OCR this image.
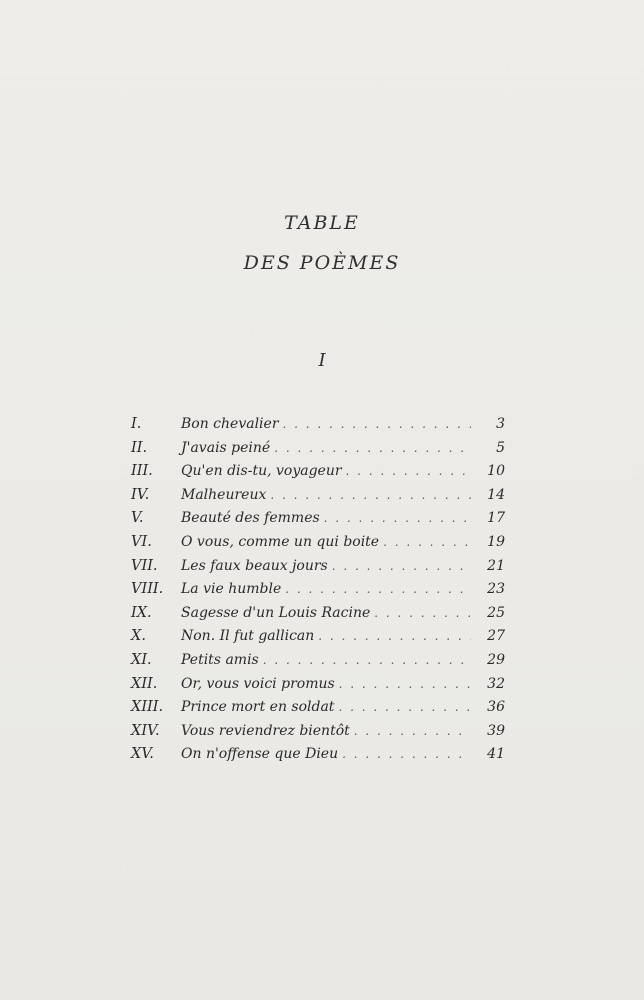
TABLE
DES POÈMES
I
I.	Bon chevalier . . .	3
II.	J'avais peiné . . .	5
III.	Qu'en dis-tu, voyageur . . .	10
IV.	Malheureux . . .	14
V.	Beauté des femmes . . .	17
VI.	O vous, comme un qui boite . . .	19
VII.	Les faux beaux jours . . .	21
VIII.	La vie humble . . .	23
IX.	Sagesse d'un Louis Racine . . .	25
X.	Non. Il fut gallican . . .	27
XI.	Petits amis . . .	29
XII.	Or, vous voici promus . . .	32
XIII.	Prince mort en soldat . . .	36
XIV.	Vous reviendrez bientôt . . .	39
XV.	On n'offense que Dieu . . .	41
